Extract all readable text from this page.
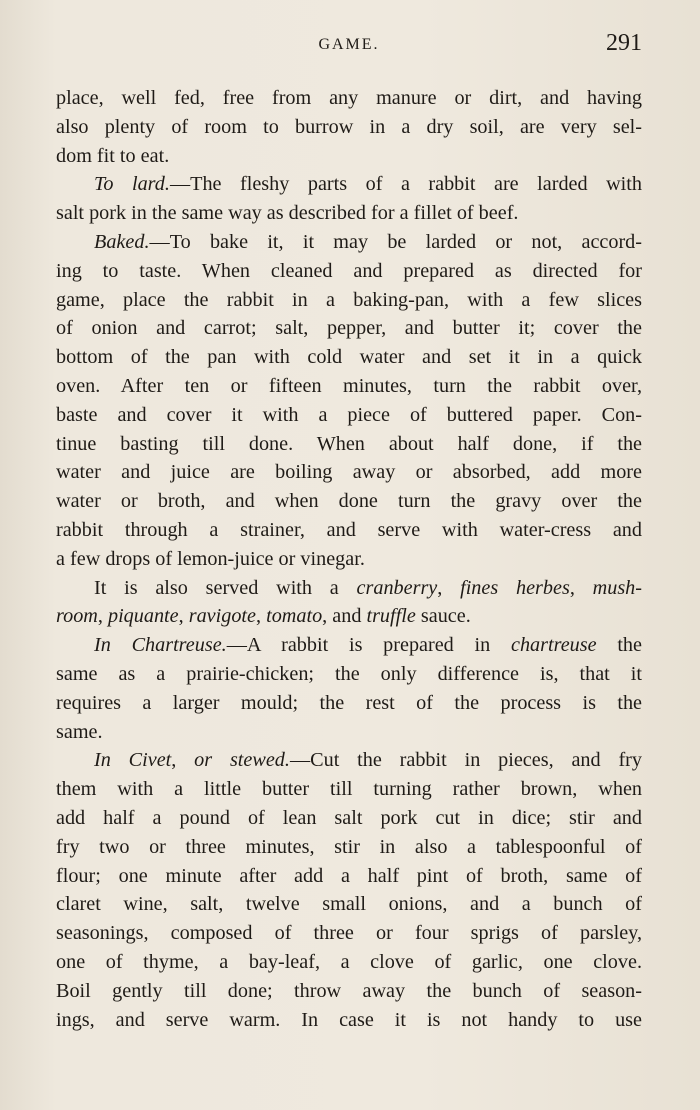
GAME.	291
place, well fed, free from any manure or dirt, and having
also plenty of room to burrow in a dry soil, are very sel-
dom fit to eat.
To lard.—The fleshy parts of a rabbit are larded with
salt pork in the same way as described for a fillet of beef.
Baked.—To bake it, it may be larded or not, accord-
ing to taste. When cleaned and prepared as directed for
game, place the rabbit in a baking-pan, with a few slices
of onion and carrot; salt, pepper, and butter it; cover the
bottom of the pan with cold water and set it in a quick
oven. After ten or fifteen minutes, turn the rabbit over,
baste and cover it with a piece of buttered paper. Con-
tinue basting till done. When about half done, if the
water and juice are boiling away or absorbed, add more
water or broth, and when done turn the gravy over the
rabbit through a strainer, and serve with water-cress and
a few drops of lemon-juice or vinegar.
It is also served with a cranberry, fines herbes, mush-
room, piquante, ravigote, tomato, and truffle sauce.
In Chartreuse.—A rabbit is prepared in chartreuse the
same as a prairie-chicken; the only difference is, that it
requires a larger mould; the rest of the process is the
same.
In Civet, or stewed.—Cut the rabbit in pieces, and fry
them with a little butter till turning rather brown, when
add half a pound of lean salt pork cut in dice; stir and
fry two or three minutes, stir in also a tablespoonful of
flour; one minute after add a half pint of broth, same of
claret wine, salt, twelve small onions, and a bunch of
seasonings, composed of three or four sprigs of parsley,
one of thyme, a bay-leaf, a clove of garlic, one clove.
Boil gently till done; throw away the bunch of season-
ings, and serve warm. In case it is not handy to use
